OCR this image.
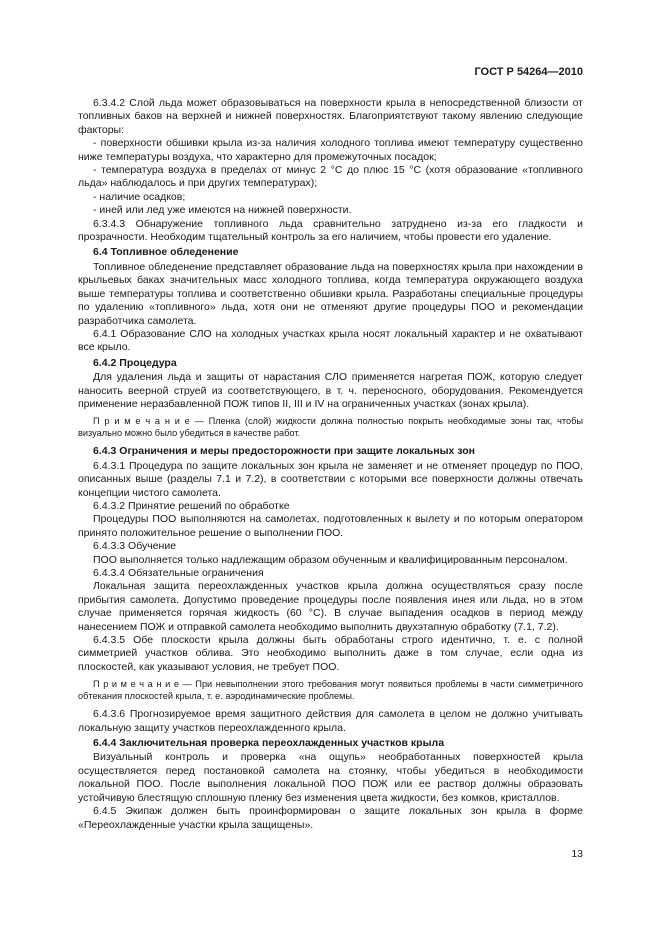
ГОСТ Р 54264—2010

6.3.4.2 Слой льда может образовываться на поверхности крыла в непосредственной близости от топливных баков на верхней и нижней поверхностях. Благоприятствуют такому явлению следующие факторы:

- поверхности обшивки крыла из-за наличия холодного топлива имеют температуру существенно ниже температуры воздуха, что характерно для промежуточных посадок;

- температура воздуха в пределах от минус 2 °С до плюс 15 °С (хотя образование «топливного льда» наблюдалось и при других температурах);

- наличие осадков;

- иней или лед уже имеются на нижней поверхности.

6.3.4.3 Обнаружение топливного льда сравнительно затруднено из-за его гладкости и прозрачности. Необходим тщательный контроль за его наличием, чтобы провести его удаление.

6.4 Топливное обледенение

Топливное обледенение представляет образование льда на поверхностях крыла при нахождении в крыльевых баках значительных масс холодного топлива, когда температура окружающего воздуха выше температуры топлива и соответственно обшивки крыла. Разработаны специальные процедуры по удалению «топливного» льда, хотя они не отменяют другие процедуры ПОО и рекомендации разработчика самолета.

6.4.1 Образование СЛО на холодных участках крыла носят локальный характер и не охватывают все крыло.

6.4.2 Процедура

Для удаления льда и защиты от нарастания СЛО применяется нагретая ПОЖ, которую следует наносить веерной струей из соответствующего, в т. ч. переносного, оборудования. Рекомендуется применение неразбавленной ПОЖ типов II, III и IV на ограниченных участках (зонах крыла).

П р и м е ч а н и е — Пленка (слой) жидкости должна полностью покрыть необходимые зоны так, чтобы визуально можно было убедиться в качестве работ.
6.4.3 Ограничения и меры предосторожности при защите локальных зон

6.4.3.1 Процедура по защите локальных зон крыла не заменяет и не отменяет процедур по ПОО, описанных выше (разделы 7.1 и 7.2), в соответствии с которыми все поверхности должны отвечать концепции чистого самолета.

6.4.3.2 Принятие решений по обработке

Процедуры ПОО выполняются на самолетах, подготовленных к вылету и по которым оператором принято положительное решение о выполнении ПОО.

6.4.3.3 Обучение

ПОО выполняется только надлежащим образом обученным и квалифицированным персоналом.

6.4.3.4 Обязательные ограничения

Локальная защита переохлажденных участков крыла должна осуществляться сразу после прибытия самолета. Допустимо проведение процедуры после появления инея или льда, но в этом случае применяется горячая жидкость (60 °С). В случае выпадения осадков в период между нанесением ПОЖ и отправкой самолета необходимо выполнить двухэтапную обработку (7.1, 7.2).

6.4.3.5 Обе плоскости крыла должны быть обработаны строго идентично, т. е. с полной симметрией участков облива. Это необходимо выполнить даже в том случае, если одна из плоскостей, как указывают условия, не требует ПОО.

П р и м е ч а н и е — При невыполнении этого требования могут появиться проблемы в части симметричного обтекания плоскостей крыла, т. е. аэродинамические проблемы.

6.4.3.6 Прогнозируемое время защитного действия для самолета в целом не должно учитывать локальную защиту участков переохлажденного крыла.

6.4.4 Заключительная проверка переохлажденных участков крыла

Визуальный контроль и проверка «на ощупь» необработанных поверхностей крыла осуществляется перед постановкой самолета на стоянку, чтобы убедиться в необходимости локальной ПОО. После выполнения локальной ПОО ПОЖ или ее раствор должны образовать устойчивую блестящую сплошную пленку без изменения цвета жидкости, без комков, кристаллов.

6.4.5 Экипаж должен быть проинформирован о защите локальных зон крыла в форме «Переохлажденные участки крыла защищены».

13
